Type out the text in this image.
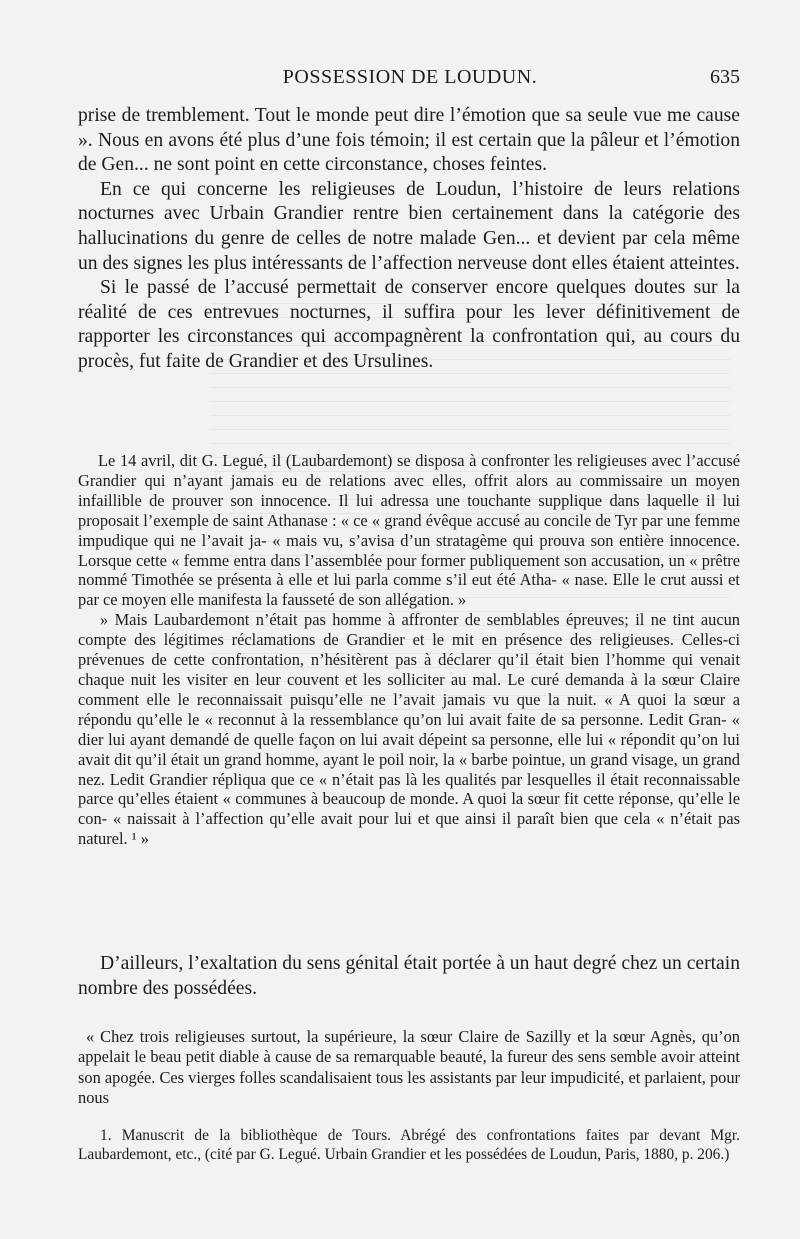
POSSESSION DE LOUDUN.	635

prise de tremblement. Tout le monde peut dire l’émotion que sa seule vue me cause ». Nous en avons été plus d’une fois témoin; il est certain que la pâleur et l’émotion de Gen... ne sont point en cette circonstance, choses feintes.

En ce qui concerne les religieuses de Loudun, l’histoire de leurs relations nocturnes avec Urbain Grandier rentre bien certainement dans la catégorie des hallucinations du genre de celles de notre malade Gen... et devient par cela même un des signes les plus intéressants de l’affection nerveuse dont elles étaient atteintes.

Si le passé de l’accusé permettait de conserver encore quelques doutes sur la réalité de ces entrevues nocturnes, il suffira pour les lever définitivement de rapporter les circonstances qui accompagnèrent la confrontation qui, au cours du procès, fut faite de Grandier et des Ursulines.

Le 14 avril, dit G. Legué, il (Laubardemont) se disposa à confronter les religieuses avec l’accusé Grandier qui n’ayant jamais eu de relations avec elles, offrit alors au commissaire un moyen infaillible de prouver son innocence. Il lui adressa une touchante supplique dans laquelle il lui proposait l’exemple de saint Athanase : « ce « grand évêque accusé au concile de Tyr par une femme impudique qui ne l’avait ja- « mais vu, s’avisa d’un stratagème qui prouva son entière innocence. Lorsque cette « femme entra dans l’assemblée pour former publiquement son accusation, un « prêtre nommé Timothée se présenta à elle et lui parla comme s’il eut été Atha- « nase. Elle le crut aussi et par ce moyen elle manifesta la fausseté de son allégation. »

» Mais Laubardemont n’était pas homme à affronter de semblables épreuves; il ne tint aucun compte des légitimes réclamations de Grandier et le mit en présence des religieuses. Celles-ci prévenues de cette confrontation, n’hésitèrent pas à déclarer qu’il était bien l’homme qui venait chaque nuit les visiter en leur couvent et les solliciter au mal. Le curé demanda à la sœur Claire comment elle le reconnaissait puisqu’elle ne l’avait jamais vu que la nuit. « A quoi la sœur a répondu qu’elle le « reconnut à la ressemblance qu’on lui avait faite de sa personne. Ledit Gran- « dier lui ayant demandé de quelle façon on lui avait dépeint sa personne, elle lui « répondit qu’on lui avait dit qu’il était un grand homme, ayant le poil noir, la « barbe pointue, un grand visage, un grand nez. Ledit Grandier répliqua que ce « n’était pas là les qualités par lesquelles il était reconnaissable parce qu’elles étaient « communes à beaucoup de monde. A quoi la sœur fit cette réponse, qu’elle le con- « naissait à l’affection qu’elle avait pour lui et que ainsi il paraît bien que cela « n’était pas naturel. ¹ »

D’ailleurs, l’exaltation du sens génital était portée à un haut degré chez un certain nombre des possédées.

« Chez trois religieuses surtout, la supérieure, la sœur Claire de Sazilly et la sœur Agnès, qu’on appelait le beau petit diable à cause de sa remarquable beauté, la fureur des sens semble avoir atteint son apogée. Ces vierges folles scandalisaient tous les assistants par leur impudicité, et parlaient, pour nous

1. Manuscrit de la bibliothèque de Tours. Abrégé des confrontations faites par devant Mgr. Laubardemont, etc., (cité par G. Legué. Urbain Grandier et les possédées de Loudun, Paris, 1880, p. 206.)
